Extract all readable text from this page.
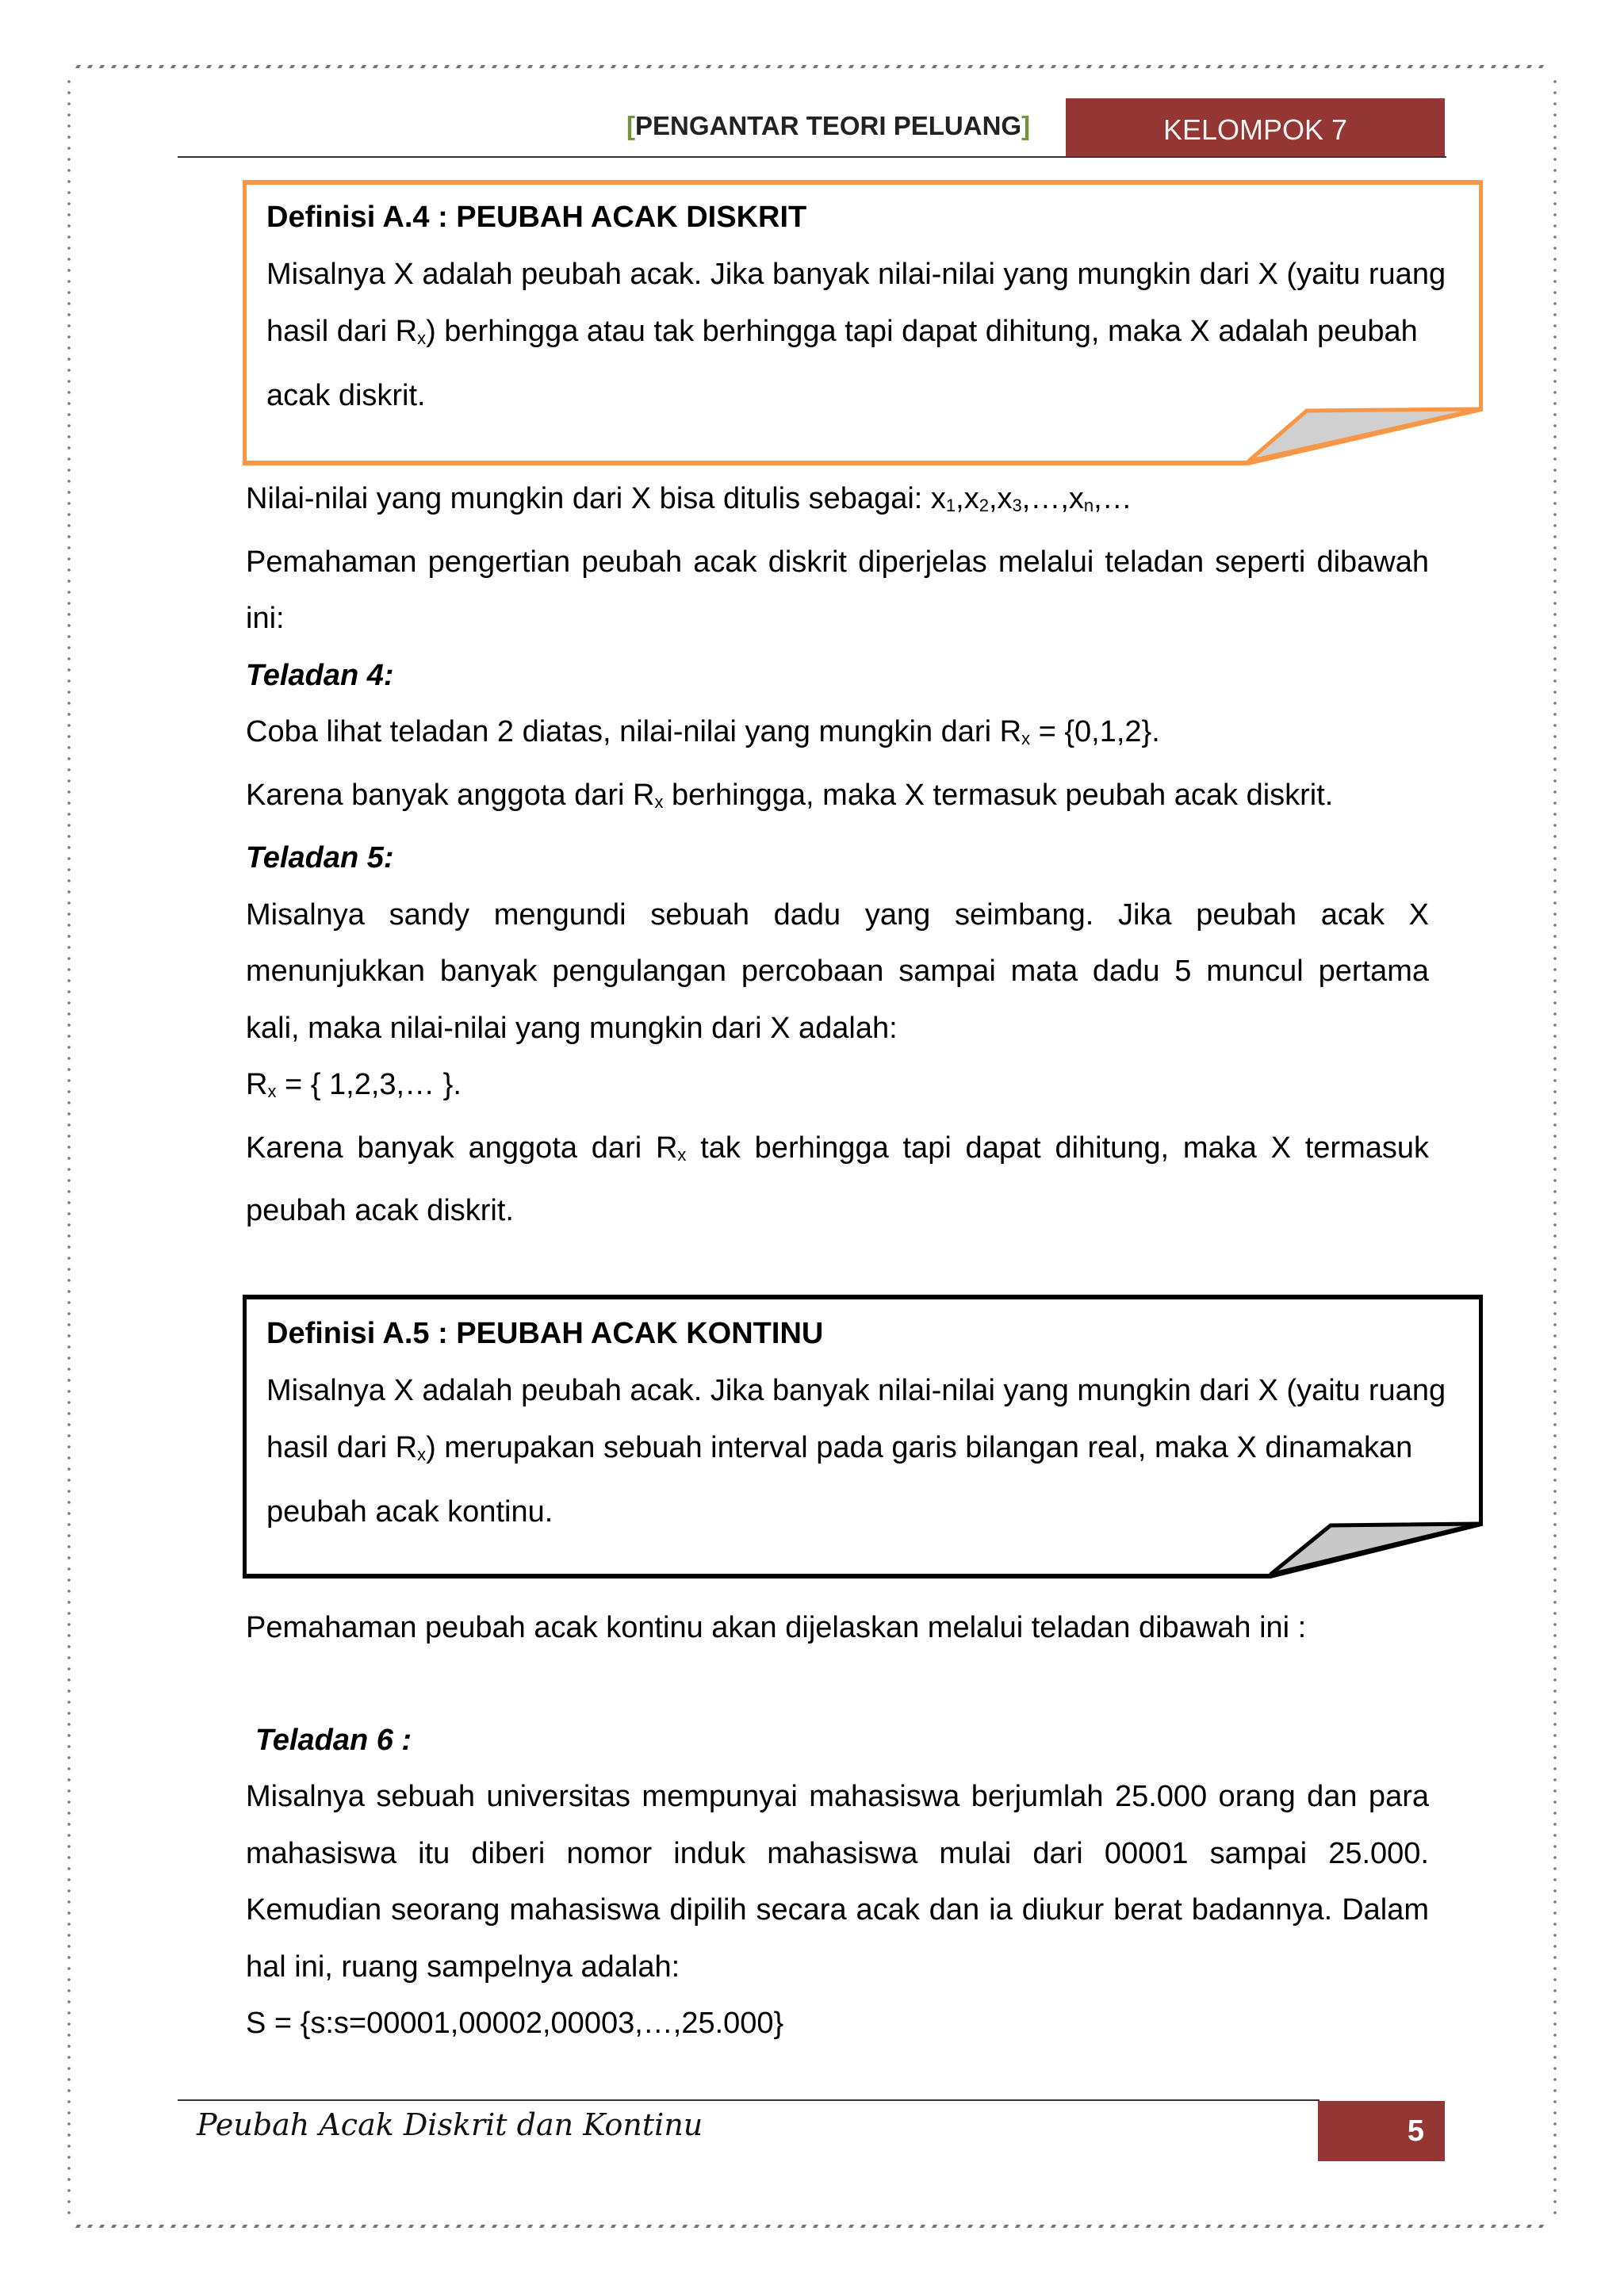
[PENGANTAR TEORI PELUANG]	KELOMPOK 7
Definisi A.4 : PEUBAH ACAK DISKRIT
Misalnya X adalah peubah acak. Jika banyak nilai-nilai yang mungkin dari X (yaitu ruang hasil dari $R_x$) berhingga atau tak berhingga tapi dapat dihitung, maka X adalah peubah acak diskrit.

Nilai-nilai yang mungkin dari X bisa ditulis sebagai: $x_1,x_2,x_3,\dots,x_n,\dots$

Pemahaman pengertian peubah acak diskrit diperjelas melalui teladan seperti dibawah ini:

Teladan 4:

Coba lihat teladan 2 diatas, nilai-nilai yang mungkin dari $R_x = \{0,1,2\}$.

Karena banyak anggota dari $R_x$ berhingga, maka X termasuk peubah acak diskrit.

Teladan 5:

Misalnya sandy mengundi sebuah dadu yang seimbang. Jika peubah acak X menunjukkan banyak pengulangan percobaan sampai mata dadu 5 muncul pertama kali, maka nilai-nilai yang mungkin dari X adalah:

$R_x$ = { 1,2,3,… }.

Karena banyak anggota dari $R_x$ tak berhingga tapi dapat dihitung, maka X termasuk peubah acak diskrit.

Definisi A.5 : PEUBAH ACAK KONTINU
Misalnya X adalah peubah acak. Jika banyak nilai-nilai yang mungkin dari X (yaitu ruang hasil dari $R_x$) merupakan sebuah interval pada garis bilangan real, maka X dinamakan peubah acak kontinu.

Pemahaman peubah acak kontinu akan dijelaskan melalui teladan dibawah ini :

Teladan 6 :

Misalnya sebuah universitas mempunyai mahasiswa berjumlah 25.000 orang dan para mahasiswa itu diberi nomor induk mahasiswa mulai dari 00001 sampai 25.000. Kemudian seorang mahasiswa dipilih secara acak dan ia diukur berat badannya. Dalam hal ini, ruang sampelnya adalah:

S = {s:s=00001,00002,00003,…,25.000}

Peubah Acak Diskrit dan Kontinu	5
